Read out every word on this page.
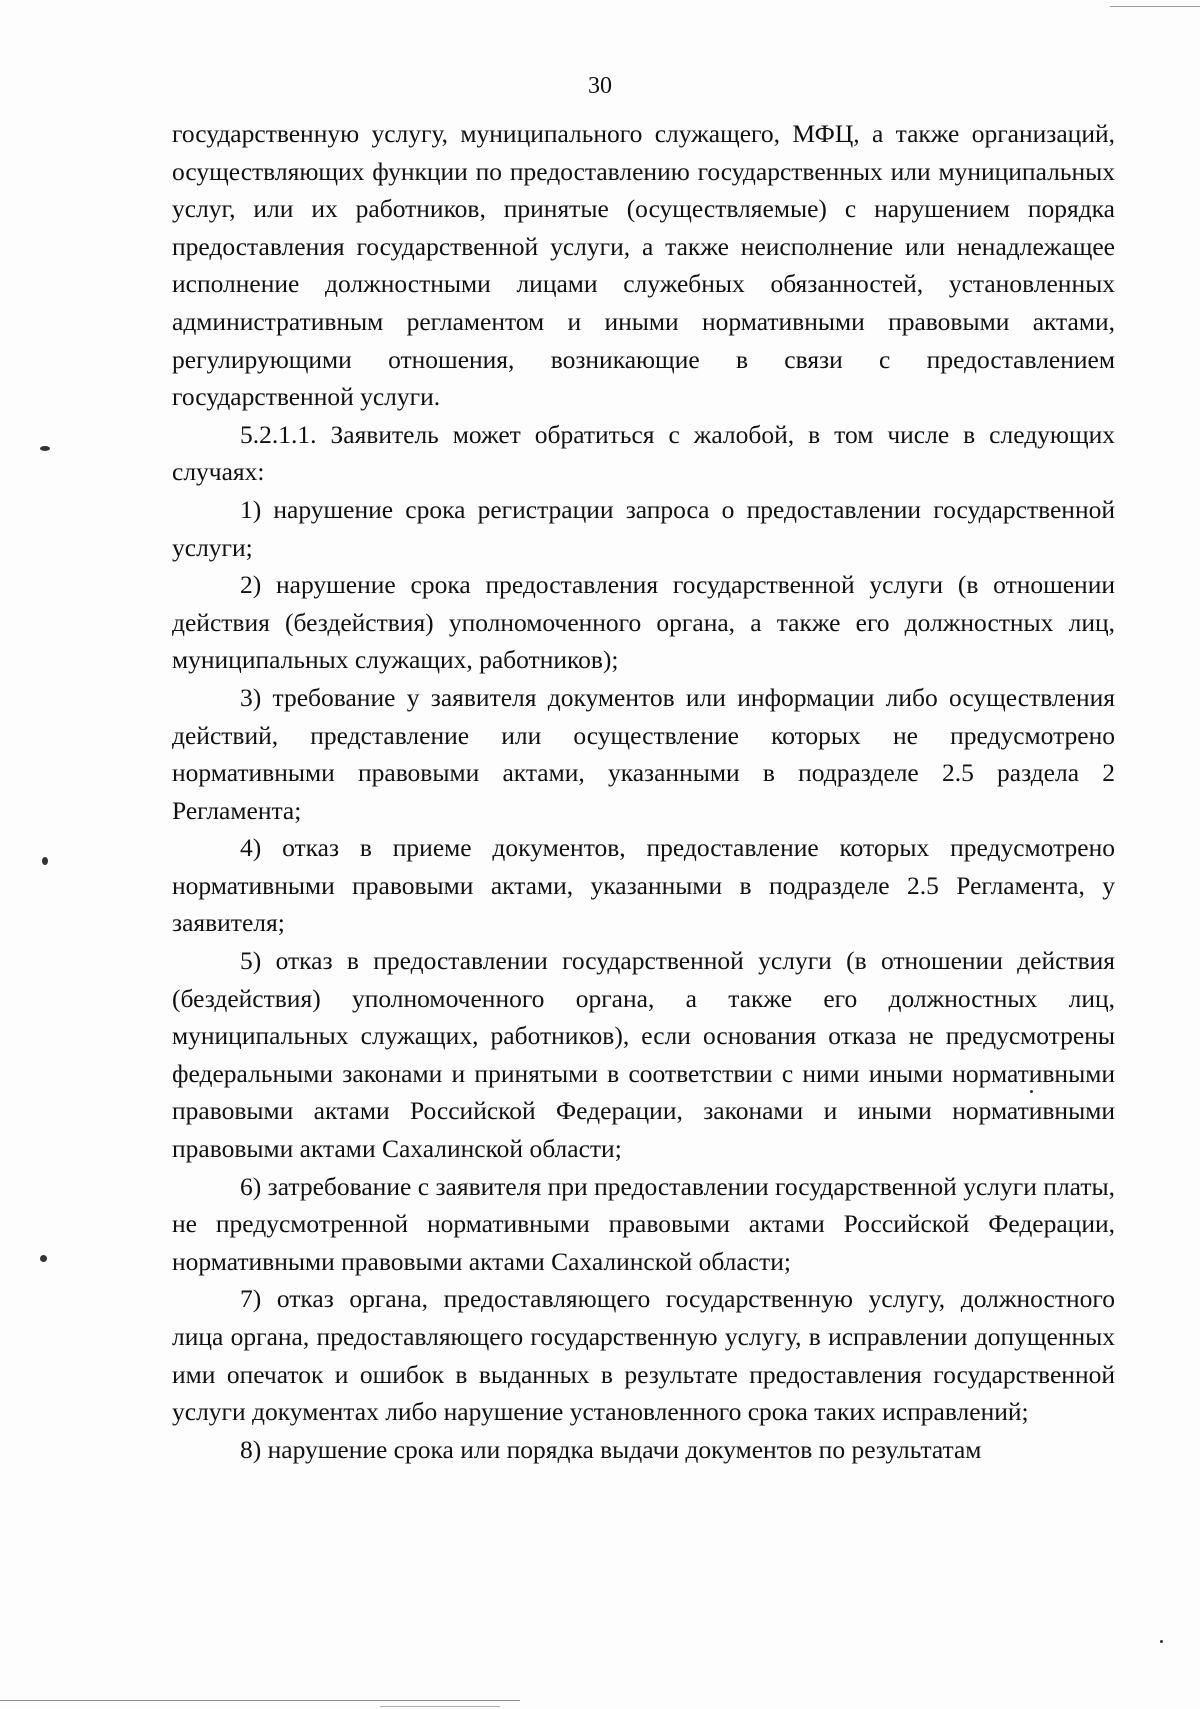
30

государственную услугу, муниципального служащего, МФЦ, а также организаций, осуществляющих функции по предоставлению государственных или муниципальных услуг, или их работников, принятые (осуществляемые) с нарушением порядка предоставления государственной услуги, а также неисполнение или ненадлежащее исполнение должностными лицами служебных обязанностей, установленных административным регламентом и иными нормативными правовыми актами, регулирующими отношения, возникающие в связи с предоставлением государственной услуги.

5.2.1.1. Заявитель может обратиться с жалобой, в том числе в следующих случаях:

1) нарушение срока регистрации запроса о предоставлении государственной услуги;

2) нарушение срока предоставления государственной услуги (в отношении действия (бездействия) уполномоченного органа, а также его должностных лиц, муниципальных служащих, работников);

3) требование у заявителя документов или информации либо осуществления действий, представление или осуществление которых не предусмотрено нормативными правовыми актами, указанными в подразделе 2.5 раздела 2 Регламента;

4) отказ в приеме документов, предоставление которых предусмотрено нормативными правовыми актами, указанными в подразделе 2.5 Регламента, у заявителя;

5) отказ в предоставлении государственной услуги (в отношении действия (бездействия) уполномоченного органа, а также его должностных лиц, муниципальных служащих, работников), если основания отказа не предусмотрены федеральными законами и принятыми в соответствии с ними иными нормативными правовыми актами Российской Федерации, законами и иными нормативными правовыми актами Сахалинской области;

6) затребование с заявителя при предоставлении государственной услуги платы, не предусмотренной нормативными правовыми актами Российской Федерации, нормативными правовыми актами Сахалинской области;

7) отказ органа, предоставляющего государственную услугу, должностного лица органа, предоставляющего государственную услугу, в исправлении допущенных ими опечаток и ошибок в выданных в результате предоставления государственной услуги документах либо нарушение установленного срока таких исправлений;

8) нарушение срока или порядка выдачи документов по результатам
